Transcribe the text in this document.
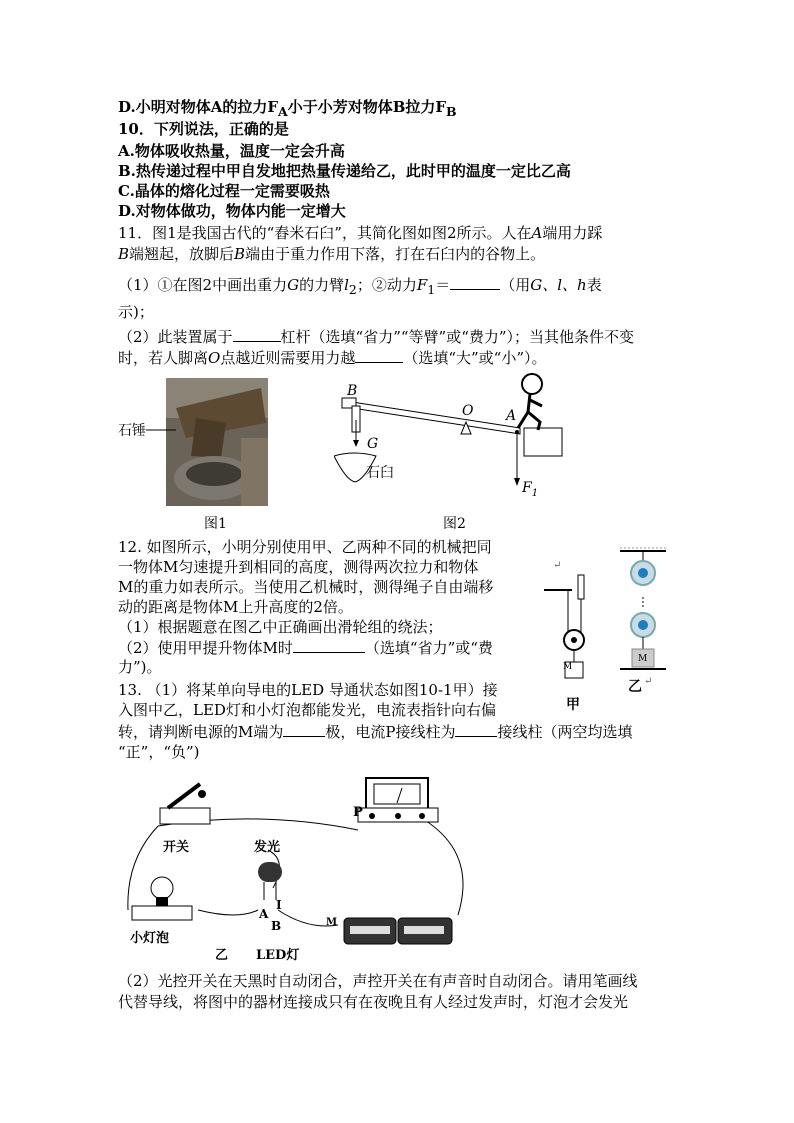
D.小明对物体A的拉力$F_A$小于小芳对物体B拉力$F_B$
10．下列说法，正确的是
A.物体吸收热量，温度一定会升高
B.热传递过程中甲自发地把热量传递给乙，此时甲的温度一定比乙高
C.晶体的熔化过程一定需要吸热
D.对物体做功，物体内能一定增大
11．图1是我国古代的“舂米石臼”，其简化图如图2所示。人在A端用力踩
B端翘起，放脚后B端由于重力作用下落，打在石臼内的谷物上。
（1）①在图2中画出重力G的力臂$l_2$；②动力$F_1=$	（用G、l、h表
示)；
（2）此装置属于	杠杆（选填“省力”“等臂”或“费力”）；当其他条件不变
时，若人脚离O点越近则需要用力越	（选填“大”或“小”）。
石锤
图1
B
O A
G
石臼
$F_1$
图2
12. 如图所示，小明分别使用甲、乙两种不同的机械把同
一物体M匀速提升到相同的高度，测得两次拉力和物体
M的重力如表所示。当使用乙机械时，测得绳子自由端移
动的距离是物体M上升高度的2倍。
（1）根据题意在图乙中正确画出滑轮组的绕法；
（2）使用甲提升物体M时	（选填“省力”或“费
力”)。
↵
M
甲
M
乙 ↵
13. （1）将某单向导电的LED 导通状态如图10-1甲）接
入图中乙，LED灯和小灯泡都能发光，电流表指针向右偏
转，请判断电源的M端为	极，电流P接线柱为	接线柱（两空均选填
“正”，“负”)
开关
小灯泡
发光
LED灯
乙
P
M
A
B
I
（2）光控开关在天黑时自动闭合，声控开关在有声音时自动闭合。请用笔画线
代替导线，将图中的器材连接成只有在夜晚且有人经过发声时，灯泡才会发光
